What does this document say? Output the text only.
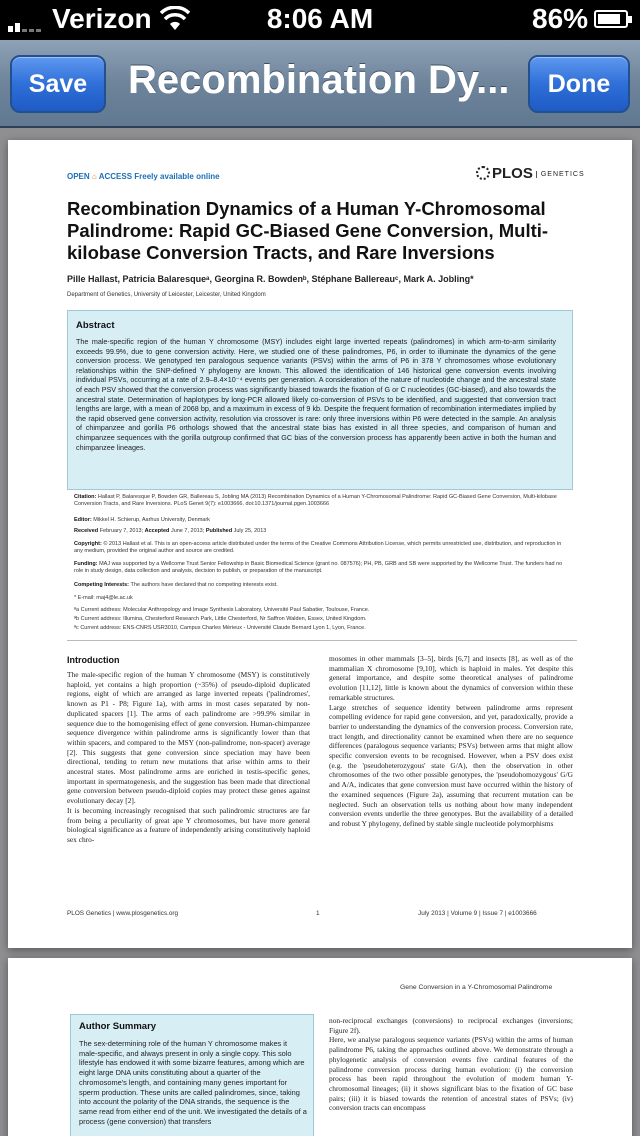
Verizon	8:06 AM	86%
Save	Recombination Dy...	Done
OPEN ⌂ ACCESS Freely available online	PLOS GENETICS
Recombination Dynamics of a Human Y-Chromosomal Palindrome: Rapid GC-Biased Gene Conversion, Multi-kilobase Conversion Tracts, and Rare Inversions
Pille Hallast, Patricia Balaresqueᵃ, Georgina R. Bowdenᵇ, Stéphane Ballereauᶜ, Mark A. Jobling*
Department of Genetics, University of Leicester, Leicester, United Kingdom
Abstract
The male-specific region of the human Y chromosome (MSY) includes eight large inverted repeats (palindromes) in which arm-to-arm similarity exceeds 99.9%, due to gene conversion activity. Here, we studied one of these palindromes, P6, in order to illuminate the dynamics of the gene conversion process. We genotyped ten paralogous sequence variants (PSVs) within the arms of P6 in 378 Y chromosomes whose evolutionary relationships within the SNP-defined Y phylogeny are known. This allowed the identification of 146 historical gene conversion events involving individual PSVs, occurring at a rate of 2.9–8.4×10⁻⁴ events per generation. A consideration of the nature of nucleotide change and the ancestral state of each PSV showed that the conversion process was significantly biased towards the fixation of G or C nucleotides (GC-biased), and also towards the ancestral state. Determination of haplotypes by long-PCR allowed likely co-conversion of PSVs to be identified, and suggested that conversion tract lengths are large, with a mean of 2068 bp, and a maximum in excess of 9 kb. Despite the frequent formation of recombination intermediates implied by the rapid observed gene conversion activity, resolution via crossover is rare: only three inversions within P6 were detected in the sample. An analysis of chimpanzee and gorilla P6 orthologs showed that the ancestral state bias has existed in all three species, and comparison of human and chimpanzee sequences with the gorilla outgroup confirmed that GC bias of the conversion process has apparently been active in both the human and chimpanzee lineages.
Citation: Hallast P, Balaresque P, Bowden GR, Ballereau S, Jobling MA (2013) Recombination Dynamics of a Human Y-Chromosomal Palindrome: Rapid GC-Biased Gene Conversion, Multi-kilobase Conversion Tracts, and Rare Inversions. PLoS Genet 9(7): e1003666. doi:10.1371/journal.pgen.1003666
Editor: Mikkel H. Schierup, Aarhus University, Denmark
Received February 7, 2013; Accepted June 7, 2013; Published July 25, 2013
Copyright: © 2013 Hallast et al. This is an open-access article distributed under the terms of the Creative Commons Attribution License, which permits unrestricted use, distribution, and reproduction in any medium, provided the original author and source are credited.
Funding: MAJ was supported by a Wellcome Trust Senior Fellowship in Basic Biomedical Science (grant no. 087576); PH, PB, GRB and SB were supported by the Wellcome Trust. The funders had no role in study design, data collection and analysis, decision to publish, or preparation of the manuscript.
Competing Interests: The authors have declared that no competing interests exist.
* E-mail: maj4@le.ac.uk
ªa Current address: Molecular Anthropology and Image Synthesis Laboratory, Université Paul Sabatier, Toulouse, France.
ªb Current address: Illumina, Chesterford Research Park, Little Chesterford, Nr Saffron Walden, Essex, United Kingdom.
ªc Current address: ENS-CNRS USR3010, Campus Charles Mérieux - Université Claude Bernard Lyon 1, Lyon, France.
Introduction
The male-specific region of the human Y chromosome (MSY) is constitutively haploid, yet contains a high proportion (~35%) of pseudo-diploid duplicated regions, eight of which are arranged as large inverted repeats ('palindromes', known as P1 - P8; Figure 1a), with arms in most cases separated by non-duplicated spacers [1]. The arms of each palindrome are >99.9% similar in sequence due to the homogenising effect of gene conversion. Human-chimpanzee sequence divergence within palindrome arms is significantly lower than that within spacers, and compared to the MSY (non-palindrome, non-spacer) average [2]. This suggests that gene conversion since speciation may have been directional, tending to return new mutations that arise within arms to their ancestral states. Most palindrome arms are enriched in testis-specific genes, important in spermatogenesis, and the suggestion has been made that directional gene conversion between pseudo-diploid copies may protect these genes against evolutionary decay [2].
It is becoming increasingly recognised that such palindromic structures are far from being a peculiarity of great ape Y chromosomes, but have more general biological significance as a feature of independently arising constitutively haploid sex chro-
mosomes in other mammals [3–5], birds [6,7] and insects [8], as well as of the mammalian X chromosome [9,10], which is haploid in males. Yet despite this general importance, and despite some theoretical analyses of palindrome evolution [11,12], little is known about the dynamics of conversion within these remarkable structures.
Large stretches of sequence identity between palindrome arms represent compelling evidence for rapid gene conversion, and yet, paradoxically, provide a barrier to understanding the dynamics of the conversion process. Conversion rate, tract length, and directionality cannot be examined when there are no sequence differences (paralogous sequence variants; PSVs) between arms that might allow specific conversion events to be recognised. However, when a PSV does exist (e.g. the 'pseudoheterozygous' state G/A), then the observation in other chromosomes of the two other possible genotypes, the 'pseudohomozygous' G/G and A/A, indicates that gene conversion must have occurred within the history of the examined sequences (Figure 2a), assuming that recurrent mutation can be neglected. Such an observation tells us nothing about how many independent conversion events underlie the three genotypes. But the availability of a detailed and robust Y phylogeny, defined by stable single nucleotide polymorphisms
PLOS Genetics | www.plosgenetics.org	1	July 2013 | Volume 9 | Issue 7 | e1003666
Gene Conversion in a Y-Chromosomal Palindrome
Author Summary
The sex-determining role of the human Y chromosome makes it male-specific, and always present in only a single copy. This solo lifestyle has endowed it with some bizarre features, among which are eight large DNA units constituting about a quarter of the chromosome's length, and containing many genes important for sperm production. These units are called palindromes, since, taking into account the polarity of the DNA strands, the sequence is the same read from either end of the unit. We investigated the details of a process (gene conversion) that transfers
non-reciprocal exchanges (conversions) to reciprocal exchanges (inversions; Figure 2f).
Here, we analyse paralogous sequence variants (PSVs) within the arms of human palindrome P6, taking the approaches outlined above. We demonstrate through a phylogenetic analysis of conversion events five cardinal features of the palindrome conversion process during human evolution: (i) the conversion process has been rapid throughout the evolution of modern human Y-chromosomal lineages; (ii) it shows significant bias to the fixation of GC base pairs; (iii) it is biased towards the retention of ancestral states of PSVs; (iv) conversion tracts can encompass
